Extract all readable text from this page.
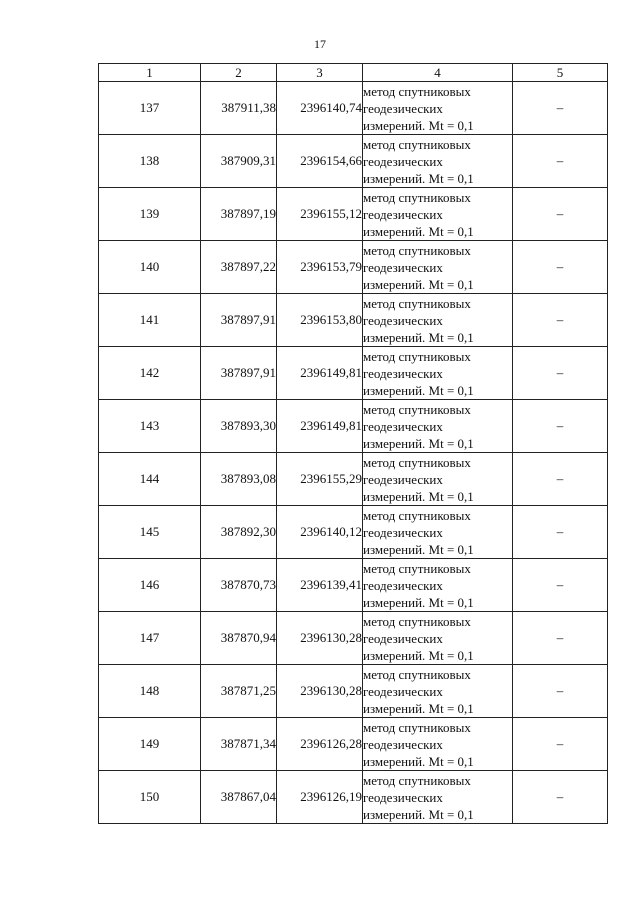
17
1	2	3	4	5
137	387911,38	2396140,74	метод спутниковых
геодезических
измерений. Mt = 0,1	–
138	387909,31	2396154,66	метод спутниковых
геодезических
измерений. Mt = 0,1	–
139	387897,19	2396155,12	метод спутниковых
геодезических
измерений. Mt = 0,1	–
140	387897,22	2396153,79	метод спутниковых
геодезических
измерений. Mt = 0,1	–
141	387897,91	2396153,80	метод спутниковых
геодезических
измерений. Mt = 0,1	–
142	387897,91	2396149,81	метод спутниковых
геодезических
измерений. Mt = 0,1	–
143	387893,30	2396149,81	метод спутниковых
геодезических
измерений. Mt = 0,1	–
144	387893,08	2396155,29	метод спутниковых
геодезических
измерений. Mt = 0,1	–
145	387892,30	2396140,12	метод спутниковых
геодезических
измерений. Mt = 0,1	–
146	387870,73	2396139,41	метод спутниковых
геодезических
измерений. Mt = 0,1	–
147	387870,94	2396130,28	метод спутниковых
геодезических
измерений. Mt = 0,1	–
148	387871,25	2396130,28	метод спутниковых
геодезических
измерений. Mt = 0,1	–
149	387871,34	2396126,28	метод спутниковых
геодезических
измерений. Mt = 0,1	–
150	387867,04	2396126,19	метод спутниковых
геодезических
измерений. Mt = 0,1	–
